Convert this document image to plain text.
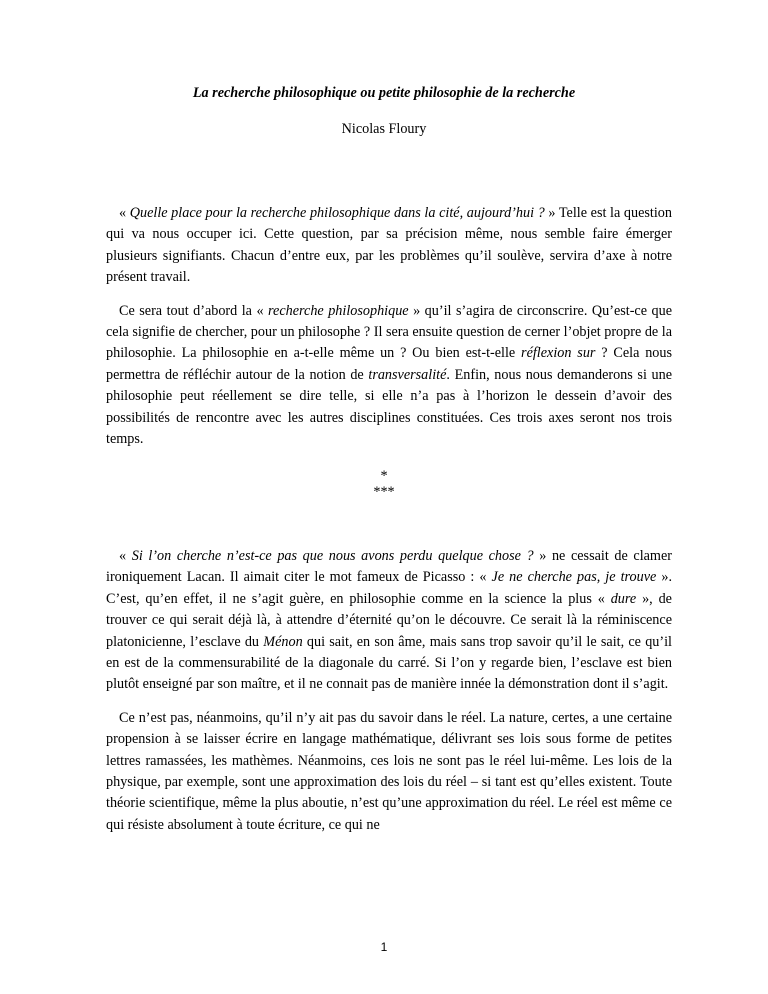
La recherche philosophique ou petite philosophie de la recherche
Nicolas Floury

« Quelle place pour la recherche philosophique dans la cité, aujourd’hui ? » Telle est la question qui va nous occuper ici. Cette question, par sa précision même, nous semble faire émerger plusieurs signifiants. Chacun d’entre eux, par les problèmes qu’il soulève, servira d’axe à notre présent travail.

Ce sera tout d’abord la « recherche philosophique » qu’il s’agira de circonscrire. Qu’est-ce que cela signifie de chercher, pour un philosophe ? Il sera ensuite question de cerner l’objet propre de la philosophie. La philosophie en a-t-elle même un ? Ou bien est-t-elle réflexion sur ? Cela nous permettra de réfléchir autour de la notion de transversalité. Enfin, nous nous demanderons si une philosophie peut réellement se dire telle, si elle n’a pas à l’horizon le dessein d’avoir des possibilités de rencontre avec les autres disciplines constituées. Ces trois axes seront nos trois temps.

*
***

« Si l’on cherche n’est-ce pas que nous avons perdu quelque chose ? » ne cessait de clamer ironiquement Lacan. Il aimait citer le mot fameux de Picasso : « Je ne cherche pas, je trouve ». C’est, qu’en effet, il ne s’agit guère, en philosophie comme en la science la plus « dure », de trouver ce qui serait déjà là, à attendre d’éternité qu’on le découvre. Ce serait là la réminiscence platonicienne, l’esclave du Ménon qui sait, en son âme, mais sans trop savoir qu’il le sait, ce qu’il en est de la commensurabilité de la diagonale du carré. Si l’on y regarde bien, l’esclave est bien plutôt enseigné par son maître, et il ne connait pas de manière innée la démonstration dont il s’agit.

Ce n’est pas, néanmoins, qu’il n’y ait pas du savoir dans le réel. La nature, certes, a une certaine propension à se laisser écrire en langage mathématique, délivrant ses lois sous forme de petites lettres ramassées, les mathèmes. Néanmoins, ces lois ne sont pas le réel lui-même. Les lois de la physique, par exemple, sont une approximation des lois du réel – si tant est qu’elles existent. Toute théorie scientifique, même la plus aboutie, n’est qu’une approximation du réel. Le réel est même ce qui résiste absolument à toute écriture, ce qui ne

1
